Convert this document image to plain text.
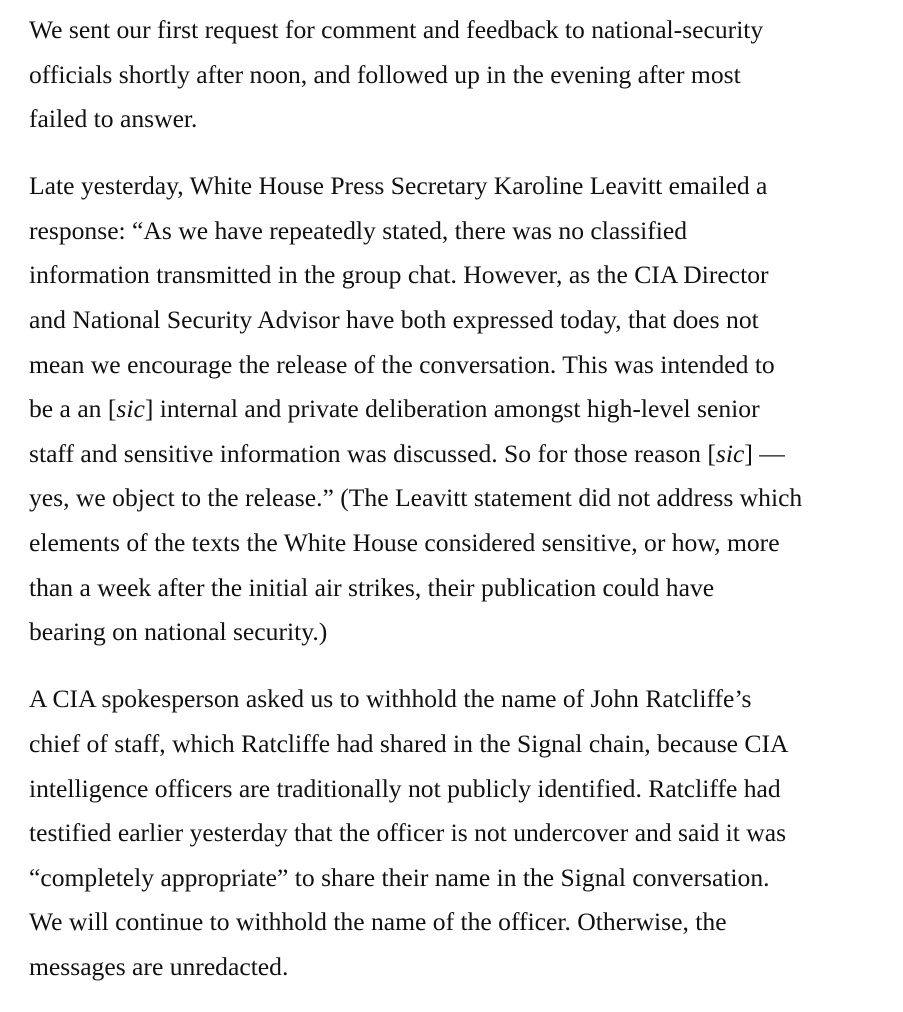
We sent our first request for comment and feedback to national-security
officials shortly after noon, and followed up in the evening after most
failed to answer.

Late yesterday, White House Press Secretary Karoline Leavitt emailed a
response: “As we have repeatedly stated, there was no classified
information transmitted in the group chat. However, as the CIA Director
and National Security Advisor have both expressed today, that does not
mean we encourage the release of the conversation. This was intended to
be a an [sic] internal and private deliberation amongst high-level senior
staff and sensitive information was discussed. So for those reason [sic] —
yes, we object to the release.” (The Leavitt statement did not address which
elements of the texts the White House considered sensitive, or how, more
than a week after the initial air strikes, their publication could have
bearing on national security.)

A CIA spokesperson asked us to withhold the name of John Ratcliffe’s
chief of staff, which Ratcliffe had shared in the Signal chain, because CIA
intelligence officers are traditionally not publicly identified. Ratcliffe had
testified earlier yesterday that the officer is not undercover and said it was
“completely appropriate” to share their name in the Signal conversation.
We will continue to withhold the name of the officer. Otherwise, the
messages are unredacted.
